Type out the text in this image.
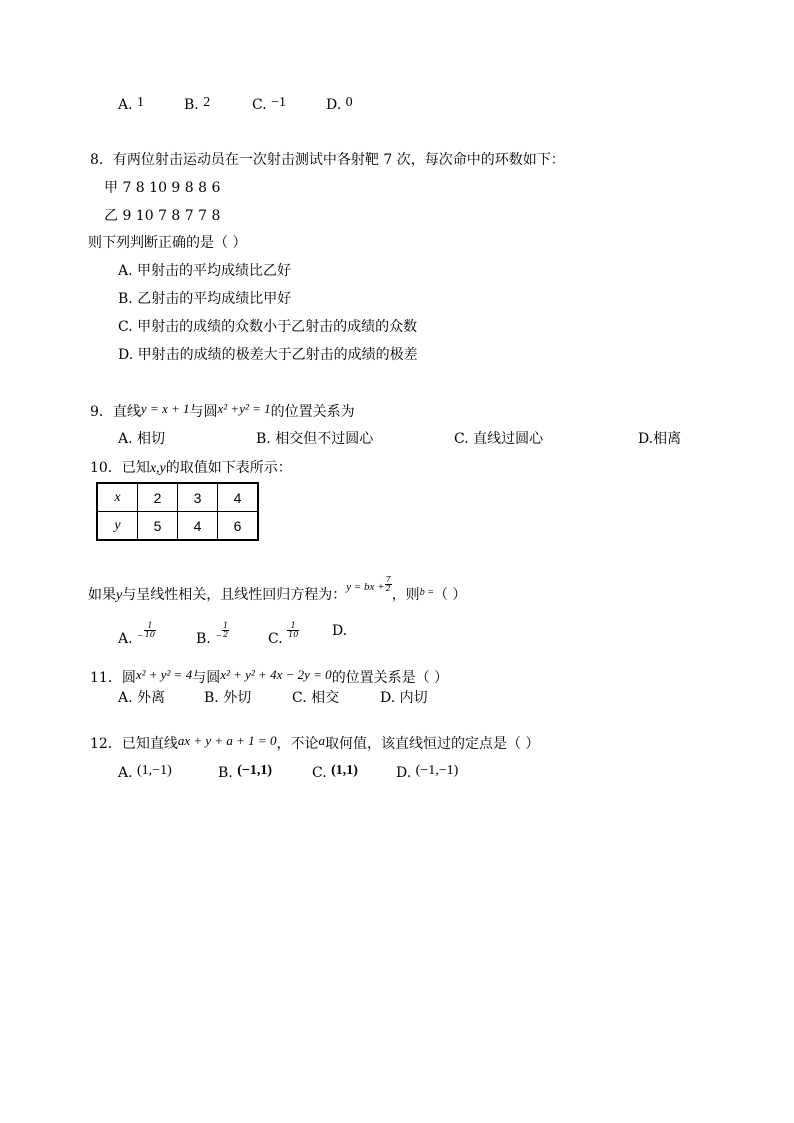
A. 1	B. 2	C. −1	D. 0
8．有两位射击运动员在一次射击测试中各射靶 7 次，每次命中的环数如下：
甲 7 8 10 9 8 8 6
乙 9 10 7 8 7 7 8
则下列判断正确的是（ ）
A. 甲射击的平均成绩比乙好
B. 乙射击的平均成绩比甲好
C. 甲射击的成绩的众数小于乙射击的成绩的众数
D. 甲射击的成绩的极差大于乙射击的成绩的极差
9．直线y = x + 1与圆x² +y² = 1的位置关系为
A. 相切	B. 相交但不过圆心	C. 直线过圆心	D.相离
10．已知x,y的取值如下表所示：
x	2	3	4
y	5	4	6
如果y与呈线性相关，且线性回归方程为：$^{y = bx +} \frac{7}{2}$
，则$^{b =}$（ ）
A. $^- \frac{1}{10}$	B. $^- \frac{1}{2}$	C. $\frac{1}{10} D$.
11．圆x² + y² = 4与圆x² + y² + 4x − 2y = 0的位置关系是（ ）
A. 外离	B. 外切	C. 相交	D. 内切
12．已知直线ax + y + a + 1 = 0，不论a取何值，该直线恒过的定点是（ ）
A. (1,−1)	B. (−1,1)	C. (1,1)	D. (−1,−1)
